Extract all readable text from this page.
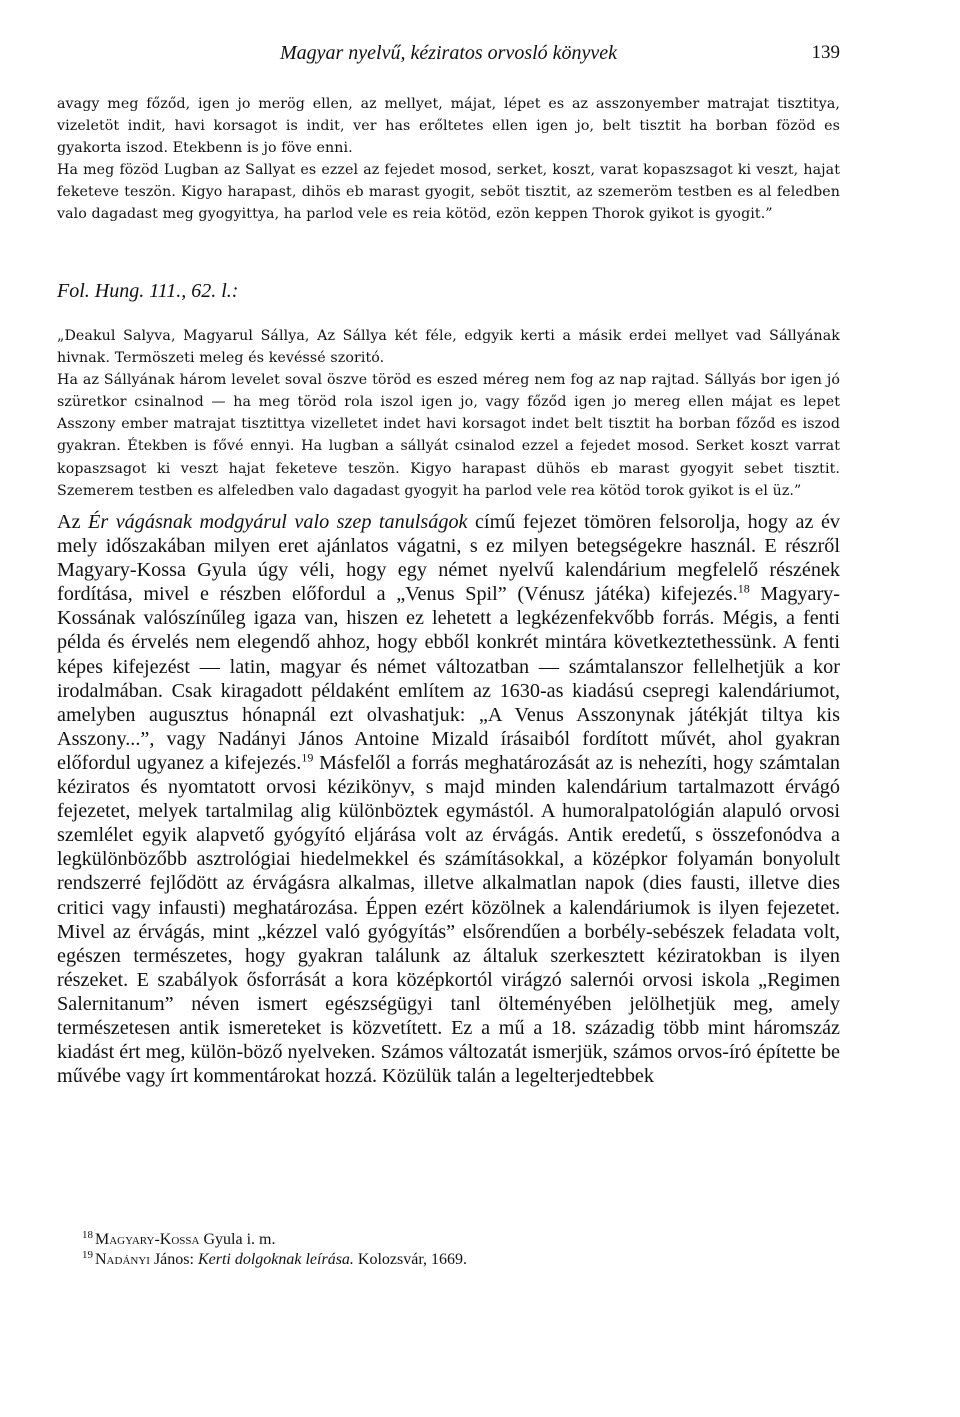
Magyar nyelvű, kéziratos orvosló könyvek	139

avagy meg főződ, igen jo merög ellen, az mellyet, májat, lépet es az asszonyember matrajat tisztitya, vizeletöt indit, havi korsagot is indit, ver has erőltetes ellen igen jo, belt tisztit ha borban fözöd es gyakorta iszod. Etekbenn is jo föve enni.

Ha meg fözöd Lugban az Sallyat es ezzel az fejedet mosod, serket, koszt, varat kopaszsagot ki veszt, hajat feketeve teszön. Kigyo harapast, dihös eb marast gyogit, seböt tisztit, az szemeröm testben es al feledben valo dagadast meg gyogyittya, ha parlod vele es reia kötöd, ezön keppen Thorok gyikot is gyogit.”

Fol. Hung. 111., 62. l.:

„Deakul Salyva, Magyarul Sállya, Az Sállya két féle, edgyik kerti a másik erdei mellyet vad Sállyának hivnak. Termöszeti meleg és kevéssé szoritó.

Ha az Sállyának három levelet soval öszve töröd es eszed méreg nem fog az nap rajtad. Sállyás bor igen jó szüretkor csinalnod — ha meg töröd rola iszol igen jo, vagy főződ igen jo mereg ellen májat es lepet Asszony ember matrajat tisztittya vizelletet indet havi korsagot indet belt tisztit ha borban főződ es iszod gyakran. Étekben is fővé ennyi. Ha lugban a sállyát csinalod ezzel a fejedet mosod. Serket koszt varrat kopaszsagot ki veszt hajat feketeve teszön. Kigyo harapast dühös eb marast gyogyit sebet tisztit. Szemerem testben es alfeledben valo dagadast gyogyit ha parlod vele rea kötöd torok gyikot is el üz.”

Az Ér vágásnak modgyárul valo szep tanulságok című fejezet tömören felsorolja, hogy az év mely időszakában milyen eret ajánlatos vágatni, s ez milyen betegségekre használ. E részről Magyary-Kossa Gyula úgy véli, hogy egy német nyelvű kalendárium megfelelő részének fordítása, mivel e részben előfordul a „Venus Spil” (Vénusz játéka) kifejezés.$^{18}$ Magyary-Kossának valószínűleg igaza van, hiszen ez lehetett a legkézenfekvőbb forrás. Mégis, a fenti példa és érvelés nem elegendő ahhoz, hogy ebből konkrét mintára következtethessünk. A fenti képes kifejezést — latin, magyar és német változatban — számtalanszor fellelhetjük a kor irodalmában. Csak kiragadott példaként említem az 1630-as kiadású csepregi kalendáriumot, amelyben augusztus hónapnál ezt olvashatjuk: „A Venus Asszonynak játékját tiltya kis Asszony...”, vagy Nadányi János Antoine Mizald írásaiból fordított művét, ahol gyakran előfordul ugyanez a kifejezés.$^{19}$ Másfelől a forrás meghatározását az is nehezíti, hogy számtalan kéziratos és nyomtatott orvosi kézikönyv, s majd minden kalendárium tartalmazott érvágó fejezetet, melyek tartalmilag alig különböztek egymástól. A humoralpatológián alapuló orvosi szemlélet egyik alapvető gyógyító eljárása volt az érvágás. Antik eredetű, s összefonódva a legkülönbözőbb asztrológiai hiedelmekkel és számításokkal, a középkor folyamán bonyolult rendszerré fejlődött az érvágásra alkalmas, illetve alkalmatlan napok (dies fausti, illetve dies critici vagy infausti) meghatározása. Éppen ezért közölnek a kalendáriumok is ilyen fejezetet. Mivel az érvágás, mint „kézzel való gyógyítás” elsőrendűen a borbély-sebészek feladata volt, egészen természetes, hogy gyakran találunk az általuk szerkesztett kéziratokban is ilyen részeket. E szabályok ősforrását a kora középkortól virágzó salernói orvosi iskola „Regimen Salernitanum” néven ismert egészségügyi tanl ölteményében jelölhetjük meg, amely természetesen antik ismereteket is közvetített. Ez a mű a 18. századig több mint háromszáz kiadást ért meg, külön-böző nyelveken. Számos változatát ismerjük, számos orvos-író építette be művébe vagy írt kommentárokat hozzá. Közülük talán a legelterjedtebbek

$^{18}$ Magyary-Kossa Gyula i. m.
$^{19}$ Nadányi János: Kerti dolgoknak leírása. Kolozsvár, 1669.
